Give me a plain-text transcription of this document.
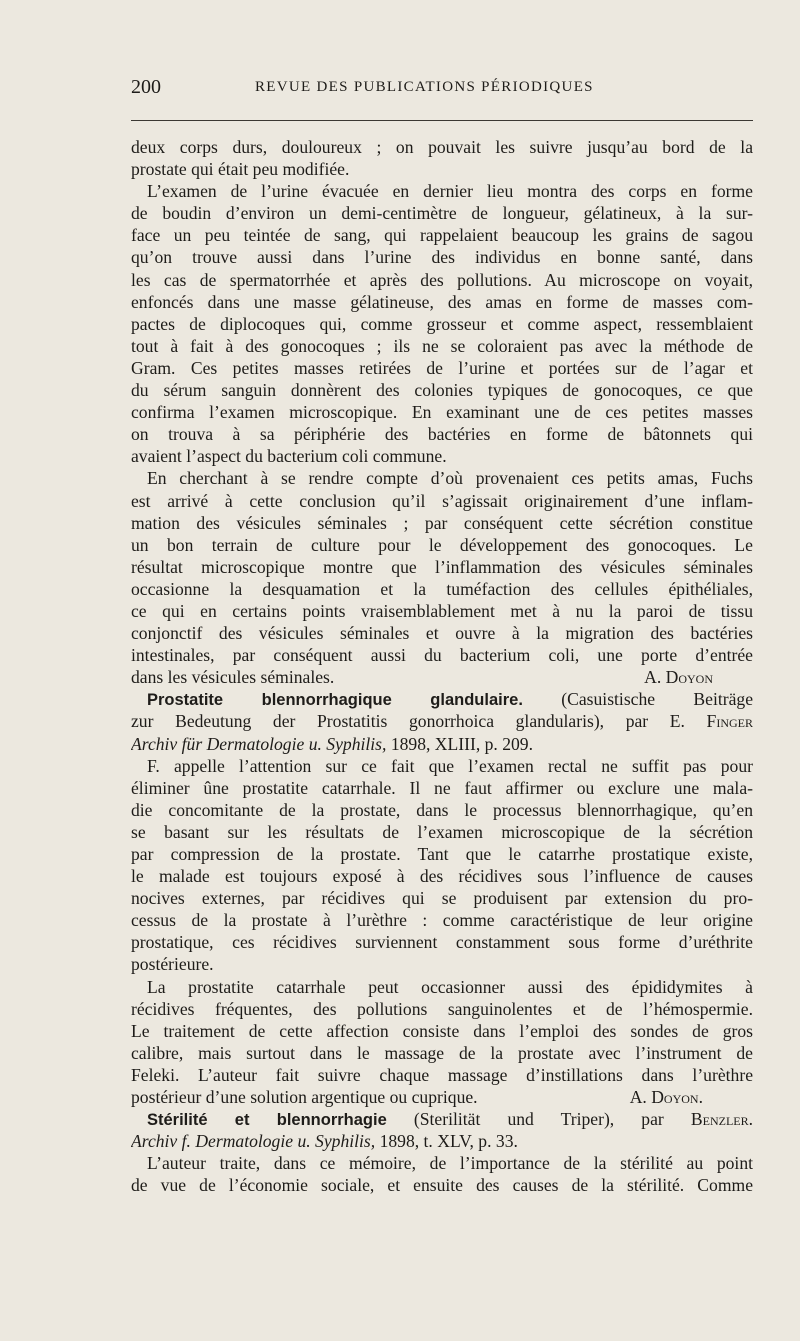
200	REVUE DES PUBLICATIONS PÉRIODIQUES
deux corps durs, douloureux ; on pouvait les suivre jusqu’au bord de la
prostate qui était peu modifiée.
L’examen de l’urine évacuée en dernier lieu montra des corps en forme
de boudin d’environ un demi-centimètre de longueur, gélatineux, à la sur-
face un peu teintée de sang, qui rappelaient beaucoup les grains de sagou
qu’on trouve aussi dans l’urine des individus en bonne santé, dans
les cas de spermatorrhée et après des pollutions. Au microscope on voyait,
enfoncés dans une masse gélatineuse, des amas en forme de masses com-
pactes de diplocoques qui, comme grosseur et comme aspect, ressemblaient
tout à fait à des gonocoques ; ils ne se coloraient pas avec la méthode de
Gram. Ces petites masses retirées de l’urine et portées sur de l’agar et
du sérum sanguin donnèrent des colonies typiques de gonocoques, ce que
confirma l’examen microscopique. En examinant une de ces petites masses
on trouva à sa périphérie des bactéries en forme de bâtonnets qui
avaient l’aspect du bacterium coli commune.
En cherchant à se rendre compte d’où provenaient ces petits amas, Fuchs
est arrivé à cette conclusion qu’il s’agissait originairement d’une inflam-
mation des vésicules séminales ; par conséquent cette sécrétion constitue
un bon terrain de culture pour le développement des gonocoques. Le
résultat microscopique montre que l’inflammation des vésicules séminales
occasionne la desquamation et la tuméfaction des cellules épithéliales,
ce qui en certains points vraisemblablement met à nu la paroi de tissu
conjonctif des vésicules séminales et ouvre à la migration des bactéries
intestinales, par conséquent aussi du bacterium coli, une porte d’entrée
dans les vésicules séminales.	A. Doyon
Prostatite blennorrhagique glandulaire. (Casuistische Beiträge
zur Bedeutung der Prostatitis gonorrhoica glandularis), par E. Finger
Archiv für Dermatologie u. Syphilis, 1898, XLIII, p. 209.
F. appelle l’attention sur ce fait que l’examen rectal ne suffit pas pour
éliminer ûne prostatite catarrhale. Il ne faut affirmer ou exclure une mala-
die concomitante de la prostate, dans le processus blennorrhagique, qu’en
se basant sur les résultats de l’examen microscopique de la sécrétion
par compression de la prostate. Tant que le catarrhe prostatique existe,
le malade est toujours exposé à des récidives sous l’influence de causes
nocives externes, par récidives qui se produisent par extension du pro-
cessus de la prostate à l’urèthre : comme caractéristique de leur origine
prostatique, ces récidives surviennent constamment sous forme d’uréthrite
postérieure.
La prostatite catarrhale peut occasionner aussi des épididymites à
récidives fréquentes, des pollutions sanguinolentes et de l’hémospermie.
Le traitement de cette affection consiste dans l’emploi des sondes de gros
calibre, mais surtout dans le massage de la prostate avec l’instrument de
Feleki. L’auteur fait suivre chaque massage d’instillations dans l’urèthre
postérieur d’une solution argentique ou cuprique.	A. Doyon.
Stérilité et blennorrhagie (Sterilität und Triper), par Benzler.
Archiv f. Dermatologie u. Syphilis, 1898, t. XLV, p. 33.
L’auteur traite, dans ce mémoire, de l’importance de la stérilité au point
de vue de l’économie sociale, et ensuite des causes de la stérilité. Comme
